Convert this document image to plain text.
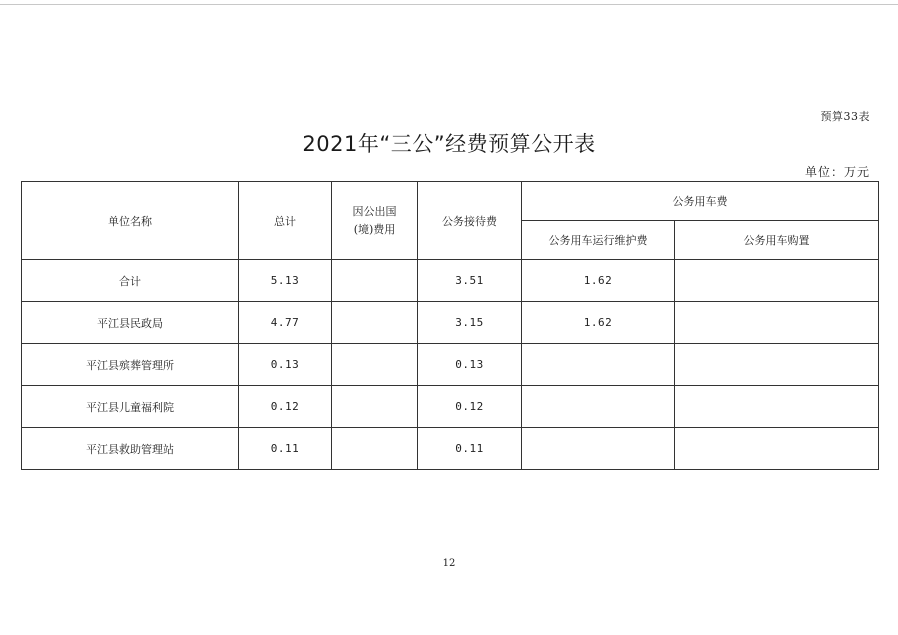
预算33表
2021年“三公”经费预算公开表
单位：万元
单位名称	总计	因公出国(境)费用	公务接待费	公务用车费	
				公务用车运行维护费	公务用车购置
合计	5.13		3.51	1.62	
平江县民政局	4.77		3.15	1.62	
平江县殡葬管理所	0.13		0.13		
平江县儿童福利院	0.12		0.12		
平江县救助管理站	0.11		0.11		
12
